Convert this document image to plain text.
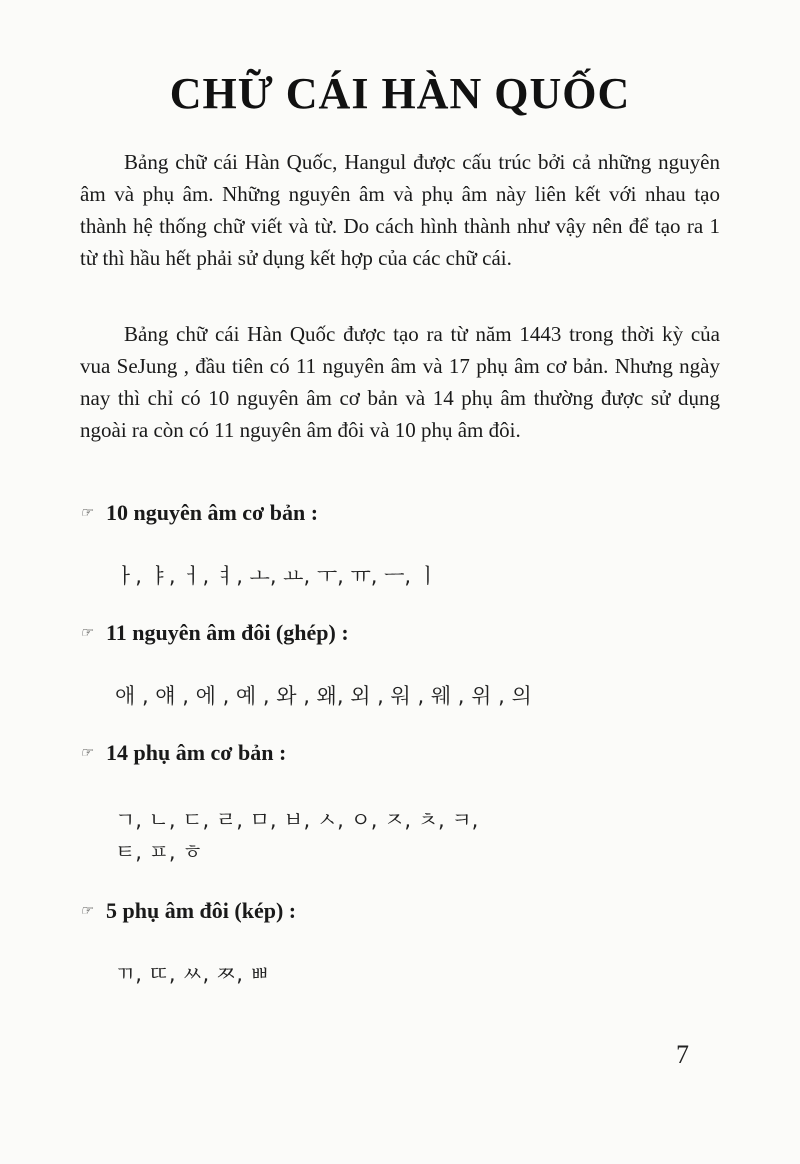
CHỮ CÁI HÀN QUỐC

Bảng chữ cái Hàn Quốc, Hangul được cấu trúc bởi cả những nguyên âm và phụ âm. Những nguyên âm và phụ âm này liên kết với nhau tạo thành hệ thống chữ viết và từ. Do cách hình thành như vậy nên để tạo ra 1 từ thì hầu hết phải sử dụng kết hợp của các chữ cái.

Bảng chữ cái Hàn Quốc được tạo ra từ năm 1443 trong thời kỳ của vua SeJung , đầu tiên có 11 nguyên âm và 17 phụ âm cơ bản. Nhưng ngày nay thì chỉ có 10 nguyên âm cơ bản và 14 phụ âm thường được sử dụng ngoài ra còn có 11 nguyên âm đôi và 10 phụ âm đôi.

☞ 10 nguyên âm cơ bản :
ㅏ, ㅑ, ㅓ, ㅕ, ㅗ, ㅛ, ㅜ, ㅠ, ㅡ, ㅣ
☞ 11 nguyên âm đôi (ghép) :
애 , 얘 , 에 , 예 , 와 , 왜, 외 , 워 , 웨 , 위 , 의
☞ 14 phụ âm cơ bản :
ㄱ, ㄴ, ㄷ, ㄹ, ㅁ, ㅂ, ㅅ, ㅇ, ㅈ, ㅊ, ㅋ,
ㅌ, ㅍ, ㅎ
☞ 5 phụ âm đôi (kép) :
ㄲ, ㄸ, ㅆ, ㅉ, ㅃ
7
